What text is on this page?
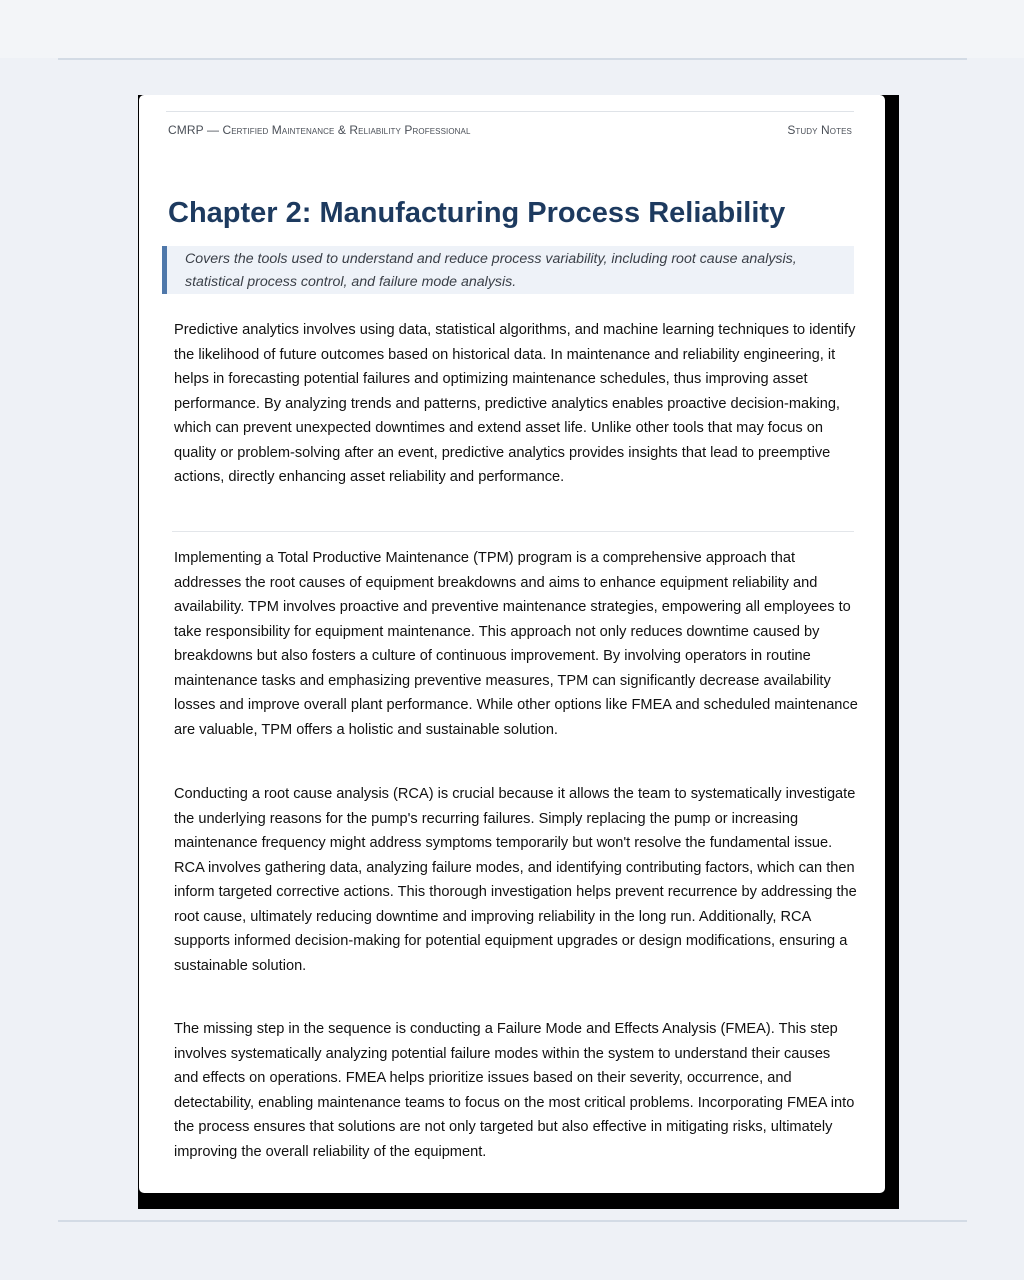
CMRP — Certified Maintenance & Reliability Professional	Study Notes
Chapter 2: Manufacturing Process Reliability
Covers the tools used to understand and reduce process variability, including root cause analysis, statistical process control, and failure mode analysis.

Predictive analytics involves using data, statistical algorithms, and machine learning techniques to identify the likelihood of future outcomes based on historical data. In maintenance and reliability engineering, it helps in forecasting potential failures and optimizing maintenance schedules, thus improving asset performance. By analyzing trends and patterns, predictive analytics enables proactive decision-making, which can prevent unexpected downtimes and extend asset life. Unlike other tools that may focus on quality or problem-solving after an event, predictive analytics provides insights that lead to preemptive actions, directly enhancing asset reliability and performance.

Implementing a Total Productive Maintenance (TPM) program is a comprehensive approach that addresses the root causes of equipment breakdowns and aims to enhance equipment reliability and availability. TPM involves proactive and preventive maintenance strategies, empowering all employees to take responsibility for equipment maintenance. This approach not only reduces downtime caused by breakdowns but also fosters a culture of continuous improvement. By involving operators in routine maintenance tasks and emphasizing preventive measures, TPM can significantly decrease availability losses and improve overall plant performance. While other options like FMEA and scheduled maintenance are valuable, TPM offers a holistic and sustainable solution.

Conducting a root cause analysis (RCA) is crucial because it allows the team to systematically investigate the underlying reasons for the pump's recurring failures. Simply replacing the pump or increasing maintenance frequency might address symptoms temporarily but won't resolve the fundamental issue. RCA involves gathering data, analyzing failure modes, and identifying contributing factors, which can then inform targeted corrective actions. This thorough investigation helps prevent recurrence by addressing the root cause, ultimately reducing downtime and improving reliability in the long run. Additionally, RCA supports informed decision-making for potential equipment upgrades or design modifications, ensuring a sustainable solution.

The missing step in the sequence is conducting a Failure Mode and Effects Analysis (FMEA). This step involves systematically analyzing potential failure modes within the system to understand their causes and effects on operations. FMEA helps prioritize issues based on their severity, occurrence, and detectability, enabling maintenance teams to focus on the most critical problems. Incorporating FMEA into the process ensures that solutions are not only targeted but also effective in mitigating risks, ultimately improving the overall reliability of the equipment.
